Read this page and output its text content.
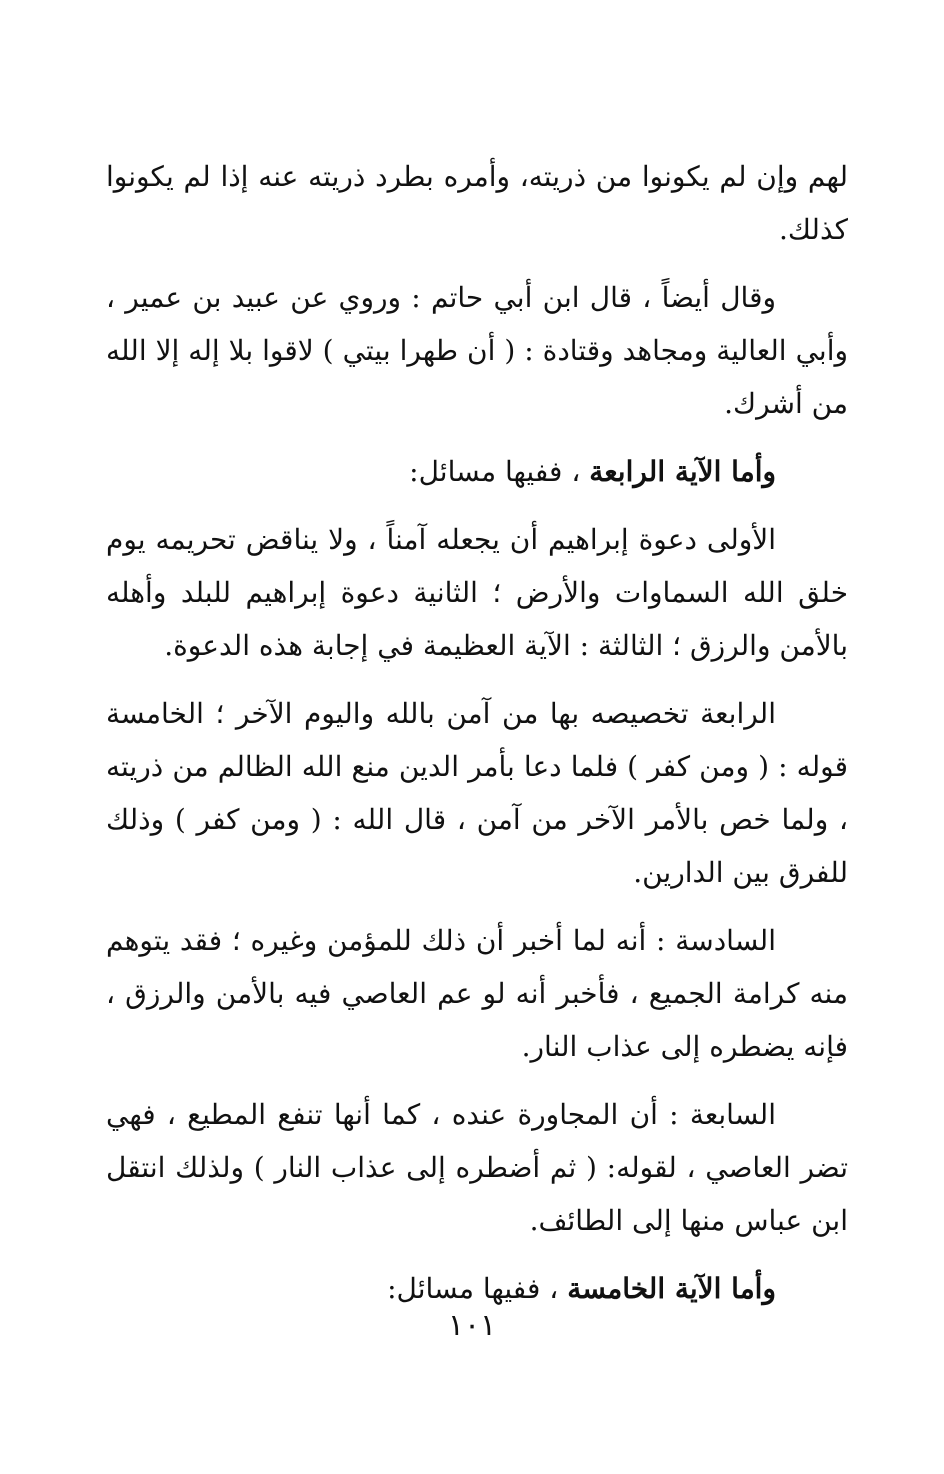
لهم وإن لم يكونوا من ذريته، وأمره بطرد ذريته عنه إذا لم يكونوا كذلك.

وقال أيضاً ، قال ابن أبي حاتم : وروي عن عبيد بن عمير ، وأبي العالية ومجاهد وقتادة : ( أن طهرا بيتي ) لاقوا بلا إله إلا الله من أشرك.

وأما الآية الرابعة ، ففيها مسائل:

الأولى دعوة إبراهيم أن يجعله آمناً ، ولا يناقض تحريمه يوم خلق الله السماوات والأرض ؛ الثانية دعوة إبراهيم للبلد وأهله بالأمن والرزق ؛ الثالثة : الآية العظيمة في إجابة هذه الدعوة.

الرابعة تخصيصه بها من آمن بالله واليوم الآخر ؛ الخامسة قوله : ( ومن كفر ) فلما دعا بأمر الدين منع الله الظالم من ذريته ، ولما خص بالأمر الآخر من آمن ، قال الله : ( ومن كفر ) وذلك للفرق بين الدارين.

السادسة : أنه لما أخبر أن ذلك للمؤمن وغيره ؛ فقد يتوهم منه كرامة الجميع ، فأخبر أنه لو عم العاصي فيه بالأمن والرزق ، فإنه يضطره إلى عذاب النار.

السابعة : أن المجاورة عنده ، كما أنها تنفع المطيع ، فهي تضر العاصي ، لقوله: ( ثم أضطره إلى عذاب النار ) ولذلك انتقل ابن عباس منها إلى الطائف.

وأما الآية الخامسة ، ففيها مسائل:

١٠١
